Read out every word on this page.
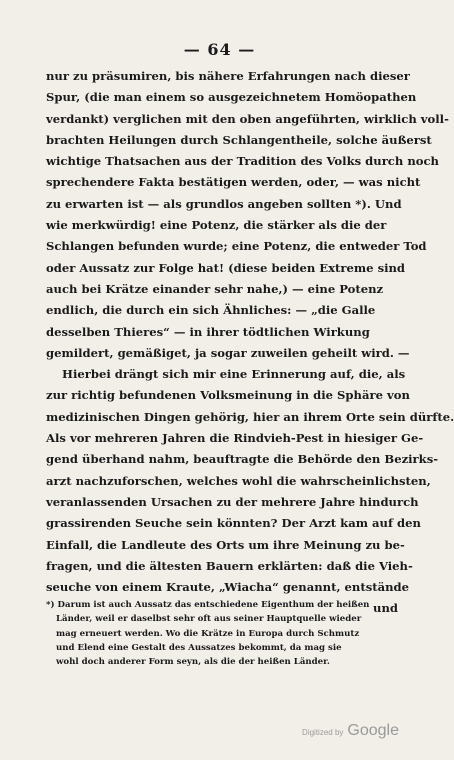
— 64 —
nur zu präsumiren, bis nähere Erfahrungen nach dieser
Spur, (die man einem so ausgezeichnetem Homöopathen
verdankt) verglichen mit den oben angeführten, wirklich voll-
brachten Heilungen durch Schlangentheile, solche äußerst
wichtige Thatsachen aus der Tradition des Volks durch noch
sprechendere Fakta bestätigen werden, oder, — was nicht
zu erwarten ist — als grundlos angeben sollten *). Und
wie merkwürdig! eine Potenz, die stärker als die der
Schlangen befunden wurde; eine Potenz, die entweder Tod
oder Aussatz zur Folge hat! (diese beiden Extreme sind
auch bei Krätze einander sehr nahe,) — eine Potenz
endlich, die durch ein sich Ähnliches: — „die Galle
desselben Thieres“ — in ihrer tödtlichen Wirkung
gemildert, gemäßiget, ja sogar zuweilen geheilt wird. —
Hierbei drängt sich mir eine Erinnerung auf, die, als
zur richtig befundenen Volksmeinung in die Sphäre von
medizinischen Dingen gehörig, hier an ihrem Orte sein dürfte.
Als vor mehreren Jahren die Rindvieh-Pest in hiesiger Ge-
gend überhand nahm, beauftragte die Behörde den Bezirks-
arzt nachzuforschen, welches wohl die wahrscheinlichsten,
veranlassenden Ursachen zu der mehrere Jahre hindurch
grassirenden Seuche sein könnten? Der Arzt kam auf den
Einfall, die Landleute des Orts um ihre Meinung zu be-
fragen, und die ältesten Bauern erklärten: daß die Vieh-
seuche von einem Kraute, „Wiacha“ genannt, entstände
und
*) Darum ist auch Aussatz das entschiedene Eigenthum der heißen
Länder, weil er daselbst sehr oft aus seiner Hauptquelle wieder
mag erneuert werden. Wo die Krätze in Europa durch Schmutz
und Elend eine Gestalt des Aussatzes bekommt, da mag sie
wohl doch anderer Form seyn, als die der heißen Länder.
Digitized by Google
